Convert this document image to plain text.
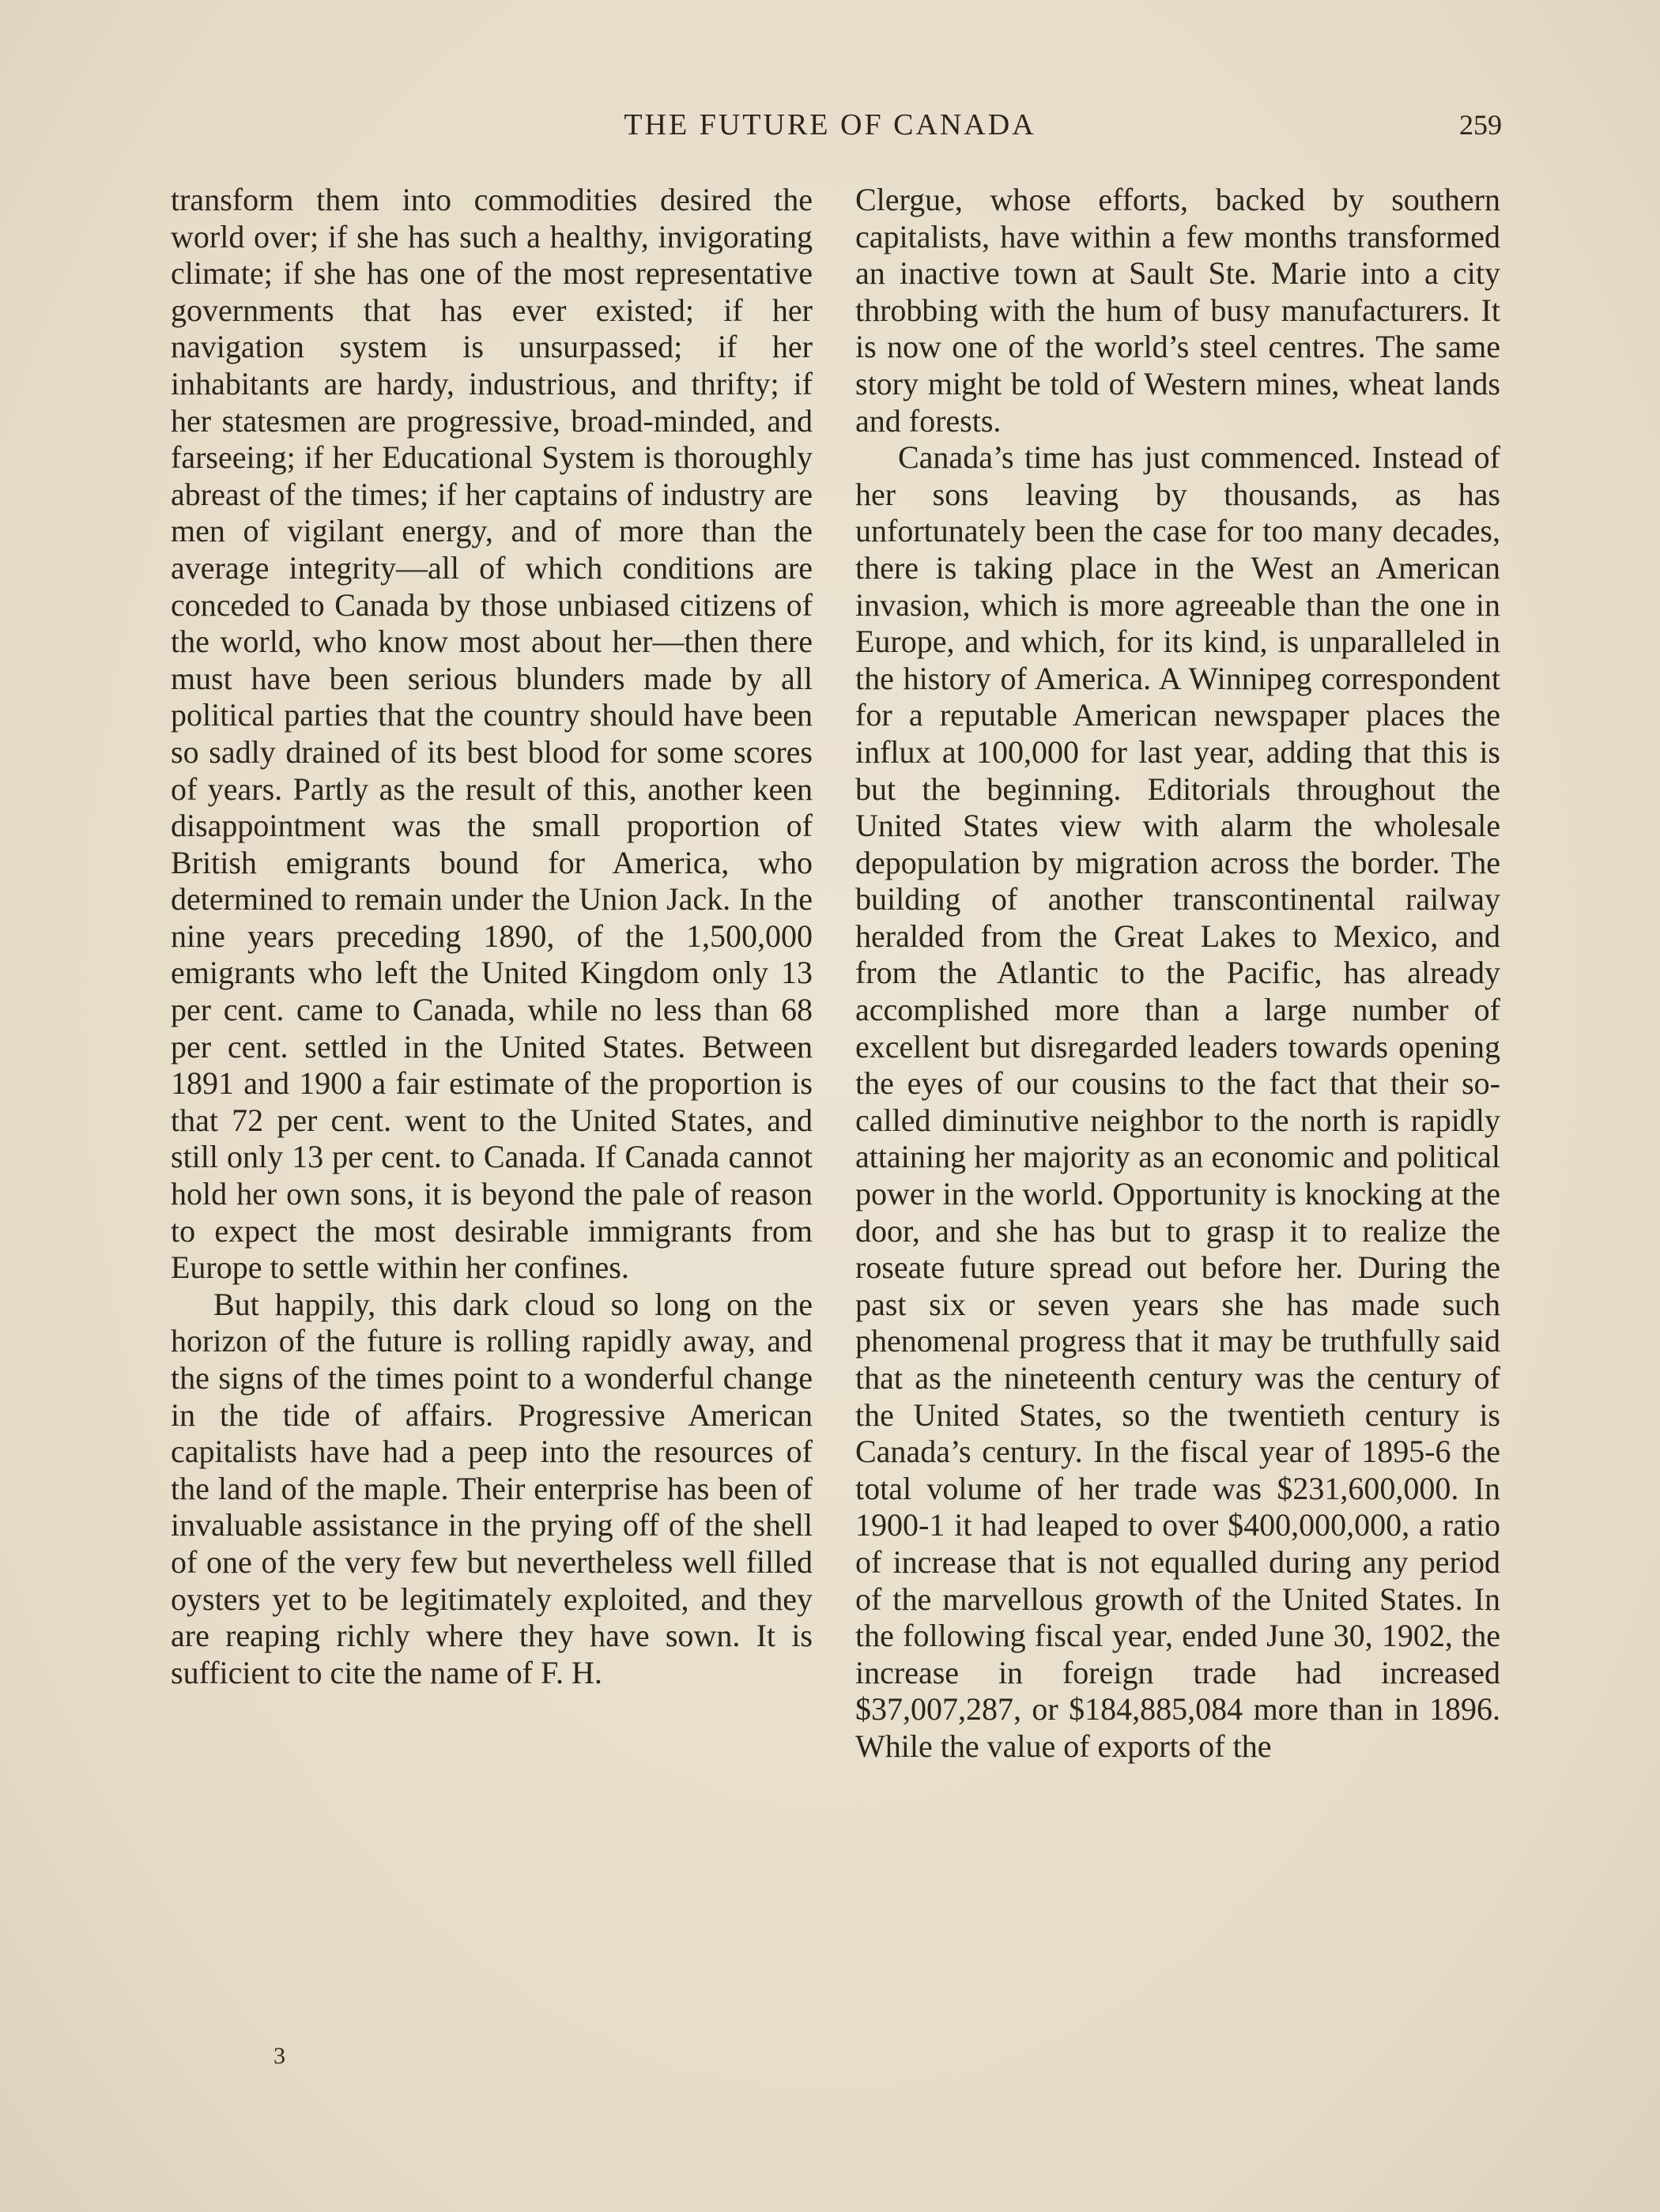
THE FUTURE OF CANADA	259

transform them into commodities desired the world over; if she has such a healthy, invigorating climate; if she has one of the most representative governments that has ever existed; if her navigation system is unsurpassed; if her inhabitants are hardy, industrious, and thrifty; if her statesmen are progressive, broad-minded, and farseeing; if her Educational System is thoroughly abreast of the times; if her captains of industry are men of vigilant energy, and of more than the average integrity—all of which conditions are conceded to Canada by those unbiased citizens of the world, who know most about her—then there must have been serious blunders made by all political parties that the country should have been so sadly drained of its best blood for some scores of years. Partly as the result of this, another keen disappointment was the small proportion of British emigrants bound for America, who determined to remain under the Union Jack. In the nine years preceding 1890, of the 1,500,000 emigrants who left the United Kingdom only 13 per cent. came to Canada, while no less than 68 per cent. settled in the United States. Between 1891 and 1900 a fair estimate of the proportion is that 72 per cent. went to the United States, and still only 13 per cent. to Canada. If Canada cannot hold her own sons, it is beyond the pale of reason to expect the most desirable immigrants from Europe to settle within her confines.

But happily, this dark cloud so long on the horizon of the future is rolling rapidly away, and the signs of the times point to a wonderful change in the tide of affairs. Progressive American capitalists have had a peep into the resources of the land of the maple. Their enterprise has been of invaluable assistance in the prying off of the shell of one of the very few but nevertheless well filled oysters yet to be legitimately exploited, and they are reaping richly where they have sown. It is sufficient to cite the name of F. H.

Clergue, whose efforts, backed by southern capitalists, have within a few months transformed an inactive town at Sault Ste. Marie into a city throbbing with the hum of busy manufacturers. It is now one of the world’s steel centres. The same story might be told of Western mines, wheat lands and forests.

Canada’s time has just commenced. Instead of her sons leaving by thousands, as has unfortunately been the case for too many decades, there is taking place in the West an American invasion, which is more agreeable than the one in Europe, and which, for its kind, is unparalleled in the history of America. A Winnipeg correspondent for a reputable American newspaper places the influx at 100,000 for last year, adding that this is but the beginning. Editorials throughout the United States view with alarm the wholesale depopulation by migration across the border. The building of another transcontinental railway heralded from the Great Lakes to Mexico, and from the Atlantic to the Pacific, has already accomplished more than a large number of excellent but disregarded leaders towards opening the eyes of our cousins to the fact that their so-called diminutive neighbor to the north is rapidly attaining her majority as an economic and political power in the world. Opportunity is knocking at the door, and she has but to grasp it to realize the roseate future spread out before her. During the past six or seven years she has made such phenomenal progress that it may be truthfully said that as the nineteenth century was the century of the United States, so the twentieth century is Canada’s century. In the fiscal year of 1895-6 the total volume of her trade was $231,600,000. In 1900-1 it had leaped to over $400,000,000, a ratio of increase that is not equalled during any period of the marvellous growth of the United States. In the following fiscal year, ended June 30, 1902, the increase in foreign trade had increased $37,007,287, or $184,885,084 more than in 1896. While the value of exports of the

3
